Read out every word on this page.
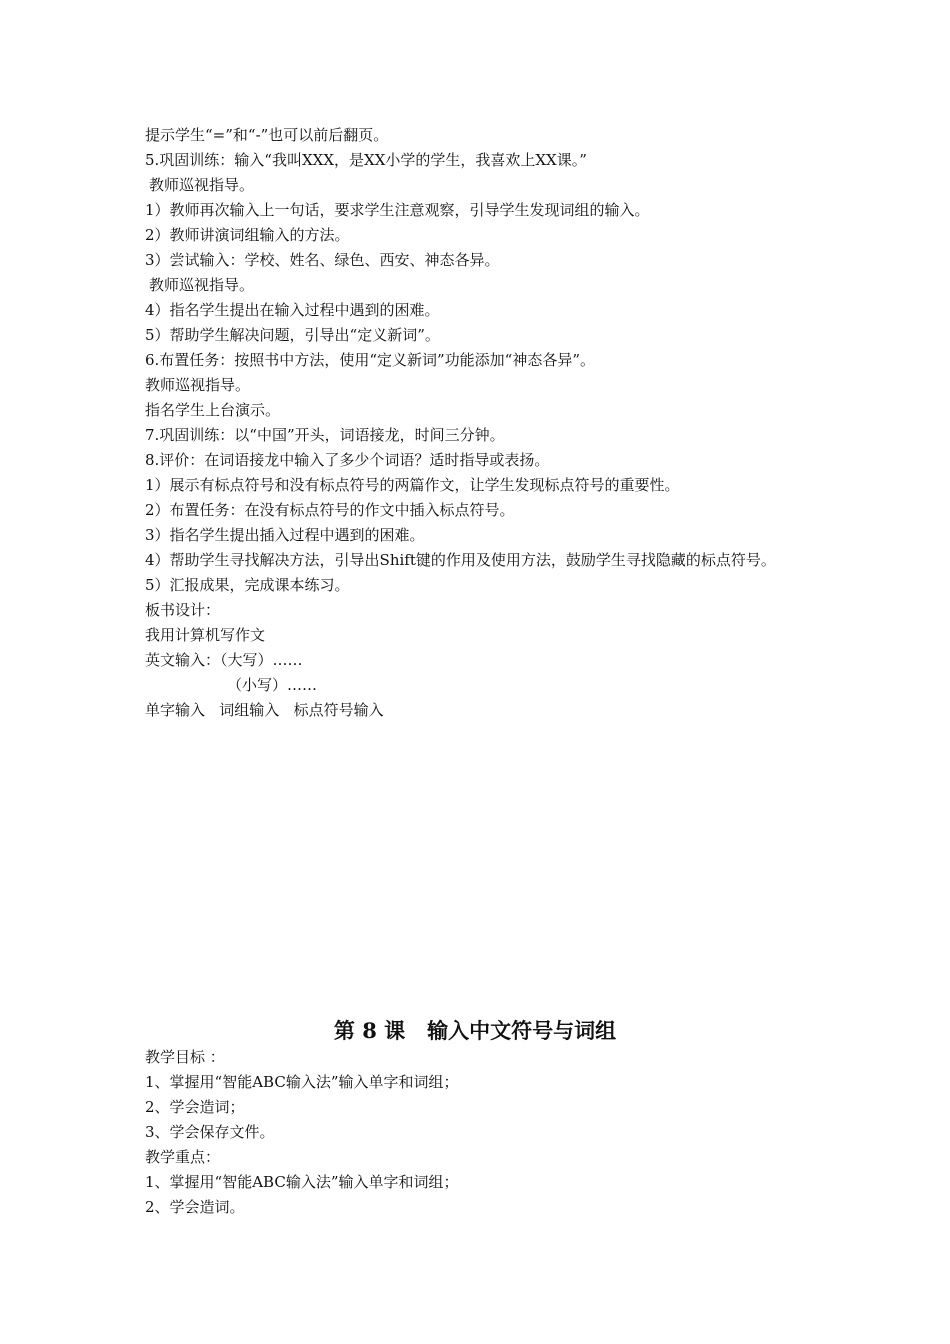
提示学生“=”和“-”也可以前后翻页。
5.巩固训练：输入“我叫XXX，是XX小学的学生，我喜欢上XX课。”
教师巡视指导。
1）教师再次输入上一句话，要求学生注意观察，引导学生发现词组的输入。
2）教师讲演词组输入的方法。
3）尝试输入：学校、姓名、绿色、西安、神态各异。
教师巡视指导。
4）指名学生提出在输入过程中遇到的困难。
5）帮助学生解决问题，引导出“定义新词”。
6.布置任务：按照书中方法，使用“定义新词”功能添加“神态各异”。
教师巡视指导。
指名学生上台演示。
7.巩固训练：以“中国”开头，词语接龙，时间三分钟。
8.评价：在词语接龙中输入了多少个词语？适时指导或表扬。
1）展示有标点符号和没有标点符号的两篇作文，让学生发现标点符号的重要性。
2）布置任务：在没有标点符号的作文中插入标点符号。
3）指名学生提出插入过程中遇到的困难。
4）帮助学生寻找解决方法，引导出Shift键的作用及使用方法，鼓励学生寻找隐藏的标点符号。
5）汇报成果，完成课本练习。
板书设计：
我用计算机写作文
英文输入：（大写）……
（小写）……
单字输入   词组输入   标点符号输入
第 8 课   输入中文符号与词组
教学目标 ：
1、掌握用“智能ABC输入法”输入单字和词组；
2、学会造词；
3、学会保存文件。
教学重点：
1、掌握用“智能ABC输入法”输入单字和词组；
2、学会造词。
